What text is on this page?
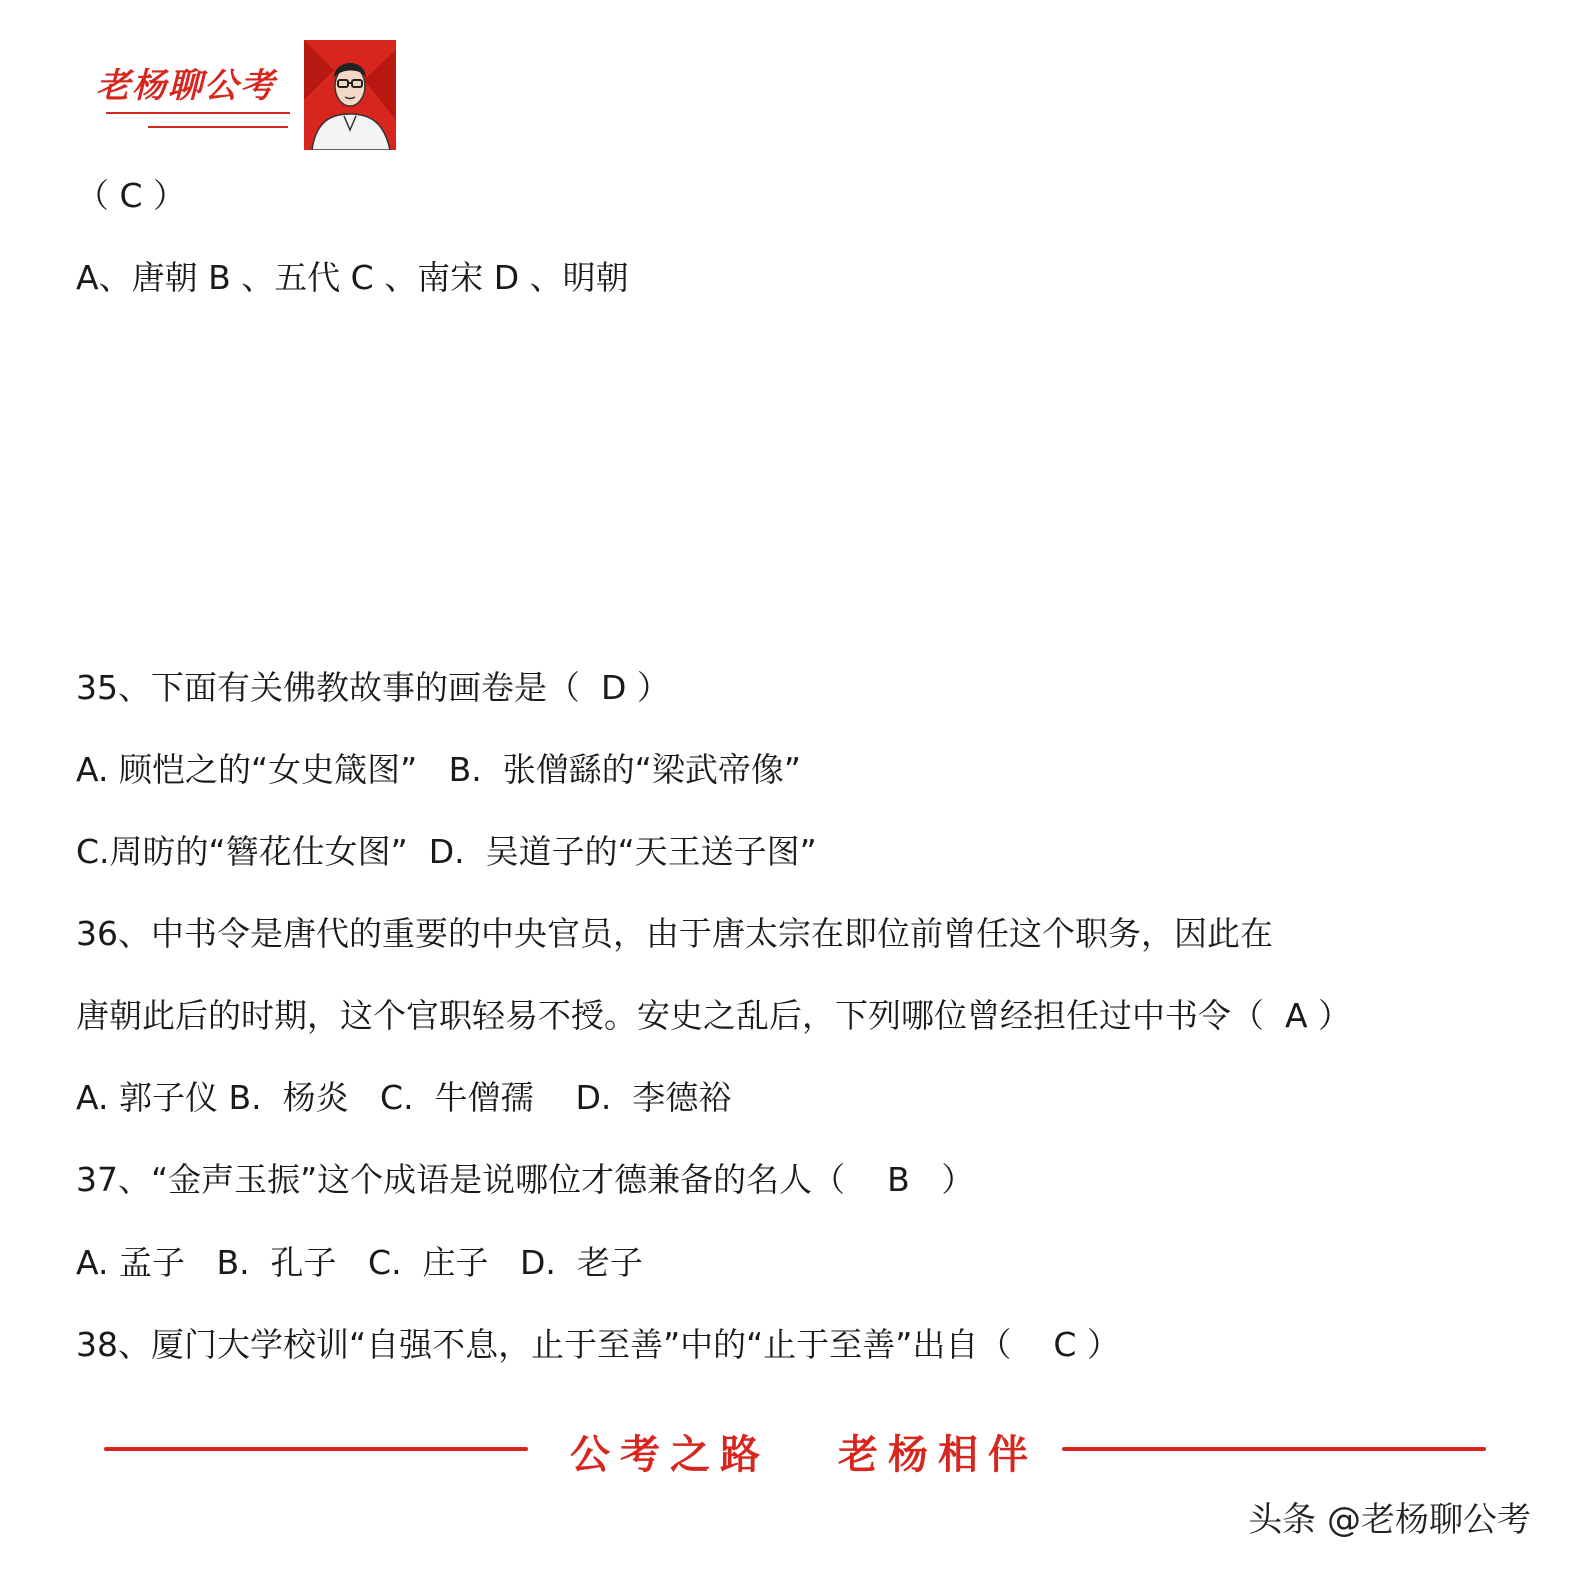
老杨聊公考
（ C ）
A、唐朝 B 、五代 C 、南宋 D 、明朝
35、下面有关佛教故事的画卷是（  D ）
A. 顾恺之的“女史箴图”   B.  张僧繇的“梁武帝像”
C.周昉的“簪花仕女图”  D.  吴道子的“天王送子图”
36、中书令是唐代的重要的中央官员，由于唐太宗在即位前曾任这个职务，因此在
唐朝此后的时期，这个官职轻易不授。安史之乱后，下列哪位曾经担任过中书令（  A ）
A. 郭子仪 B.  杨炎   C.  牛僧孺    D.  李德裕
37、“金声玉振”这个成语是说哪位才德兼备的名人（    B   ）
A. 孟子   B.  孔子   C.  庄子   D.  老子
38、厦门大学校训“自强不息，止于至善”中的“止于至善”出自（    C ）
公考之路 老杨相伴
头条 @老杨聊公考
